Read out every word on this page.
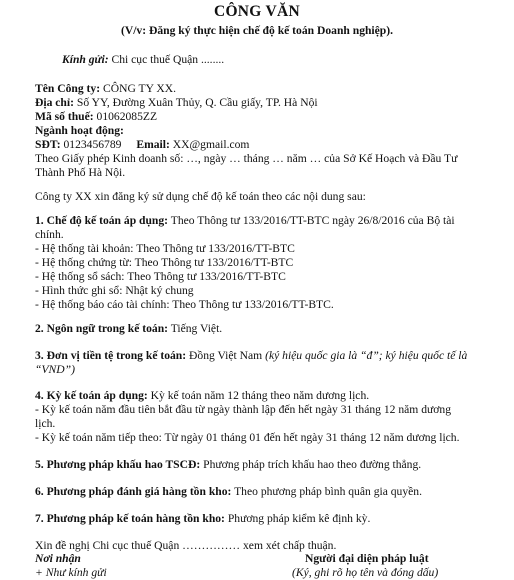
CÔNG VĂN
(V/v: Đăng ký thực hiện chế độ kế toán Doanh nghiệp).
Kính gửi: Chi cục thuế Quận ........
Tên Công ty: CÔNG TY XX.
Địa chỉ: Số YY, Đường Xuân Thủy, Q. Cầu giấy, TP. Hà Nội
Mã số thuế: 01062085ZZ
Ngành hoạt động:
SĐT: 0123456789 Email: XX@gmail.com
Theo Giấy phép Kinh doanh số: …, ngày … tháng … năm … của Sở Kế Hoạch và Đầu Tư
Thành Phố Hà Nội.
Công ty XX xin đăng ký sử dụng chế độ kế toán theo các nội dung sau:
1. Chế độ kế toán áp dụng: Theo Thông tư 133/2016/TT-BTC ngày 26/8/2016 của Bộ tài
chính.
- Hệ thống tài khoản: Theo Thông tư 133/2016/TT-BTC
- Hệ thống chứng từ: Theo Thông tư 133/2016/TT-BTC
- Hệ thống sổ sách: Theo Thông tư 133/2016/TT-BTC
- Hình thức ghi sổ: Nhật ký chung
- Hệ thống báo cáo tài chính: Theo Thông tư 133/2016/TT-BTC.
2. Ngôn ngữ trong kế toán: Tiếng Việt.
3. Đơn vị tiền tệ trong kế toán: Đồng Việt Nam (ký hiệu quốc gia là “đ”; ký hiệu quốc tế là
“VND”)
4. Kỳ kế toán áp dụng: Kỳ kế toán năm 12 tháng theo năm dương lịch.
- Kỳ kế toán năm đầu tiên bắt đầu từ ngày thành lập đến hết ngày 31 tháng 12 năm dương
lịch.
- Kỳ kế toán năm tiếp theo: Từ ngày 01 tháng 01 đến hết ngày 31 tháng 12 năm dương lịch.
5. Phương pháp khấu hao TSCĐ: Phương pháp trích khấu hao theo đường thẳng.
6. Phương pháp đánh giá hàng tồn kho: Theo phương pháp bình quân gia quyền.
7. Phương pháp kế toán hàng tồn kho: Phương pháp kiểm kê định kỳ.
Xin đề nghị Chi cục thuế Quận …………… xem xét chấp thuận.
Nơi nhận
+ Như kính gửi
Người đại diện pháp luật
(Ký, ghi rõ họ tên và đóng dấu)
